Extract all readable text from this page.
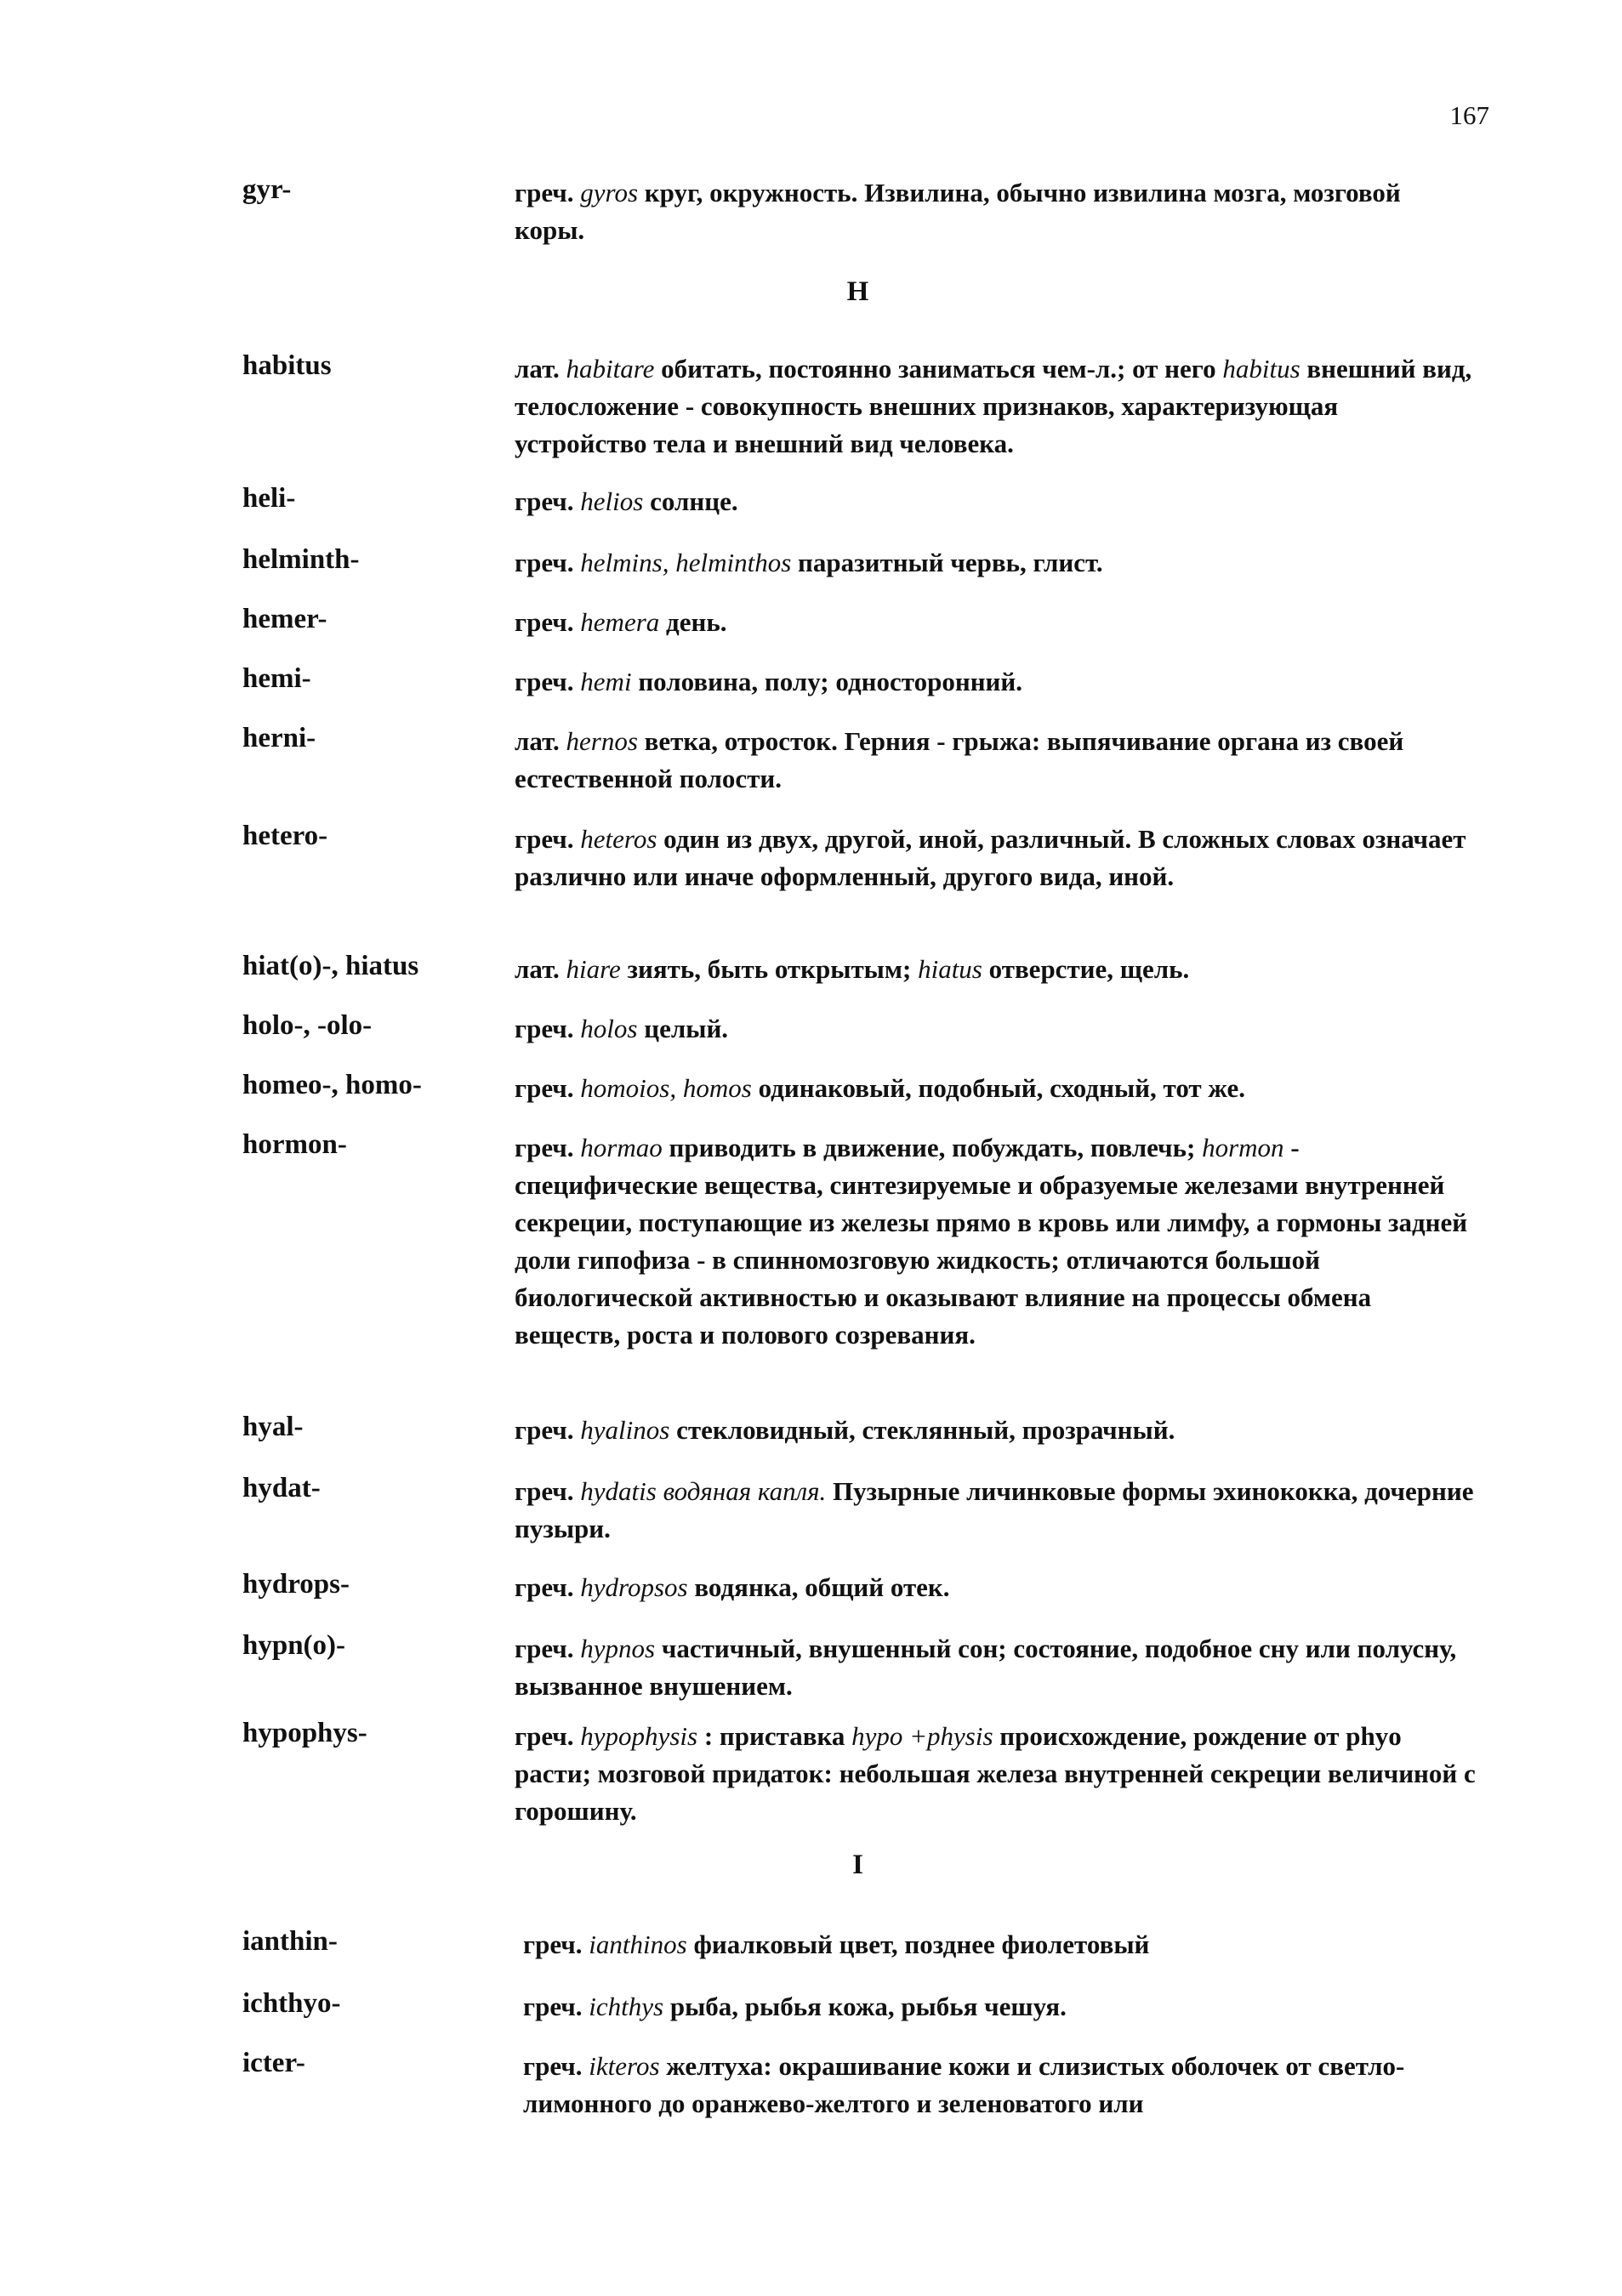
167
H
I
gyr-	греч. gyros круг, окружность. Извилина, обычно извилина мозга, мозговой коры.
habitus	лат. habitare обитать, постоянно заниматься чем-л.; от него habitus внешний вид, телосложение - совокупность внешних признаков, характеризующая устройство тела и внешний вид человека.
heli-	греч. helios солнце.
helminth-	греч. helmins, helminthos паразитный червь, глист.
hemer-	греч. hemera день.
hemi-	греч. hemi половина, полу; односторонний.
herni-	лат. hernos ветка, отросток. Герния - грыжа: выпячивание органа из своей естественной полости.
hetero-	греч. heteros один из двух, другой, иной, различный. В сложных словах означает различно или иначе оформленный, другого вида, иной.
hiat(o)-, hiatus	лат. hiare зиять, быть открытым; hiatus отверстие, щель.
holo-, -olo-	греч. holos целый.
homeo-, homo-	греч. homoios, homos одинаковый, подобный, сходный, тот же.
hormon-	греч. hormao приводить в движение, побуждать, повлечь; hormоп - специфические вещества, синтезируемые и образуемые железами внутренней секреции, поступающие из железы прямо в кровь или лимфу, а гормоны задней доли гипофиза - в спинномозговую жидкость; отличаются большой биологической активностью и оказывают влияние на процессы обмена веществ, роста и полового созревания.
hyal-	греч. hyalinos стекловидный, стеклянный, прозрачный.
hydat-	греч. hydatis водяная капля. Пузырные личинковые формы эхинококка, дочерние пузыри.
hydrops-	греч. hydropsos водянка, общий отек.
hypn(o)-	греч. hypnos частичный, внушенный сон; состояние, подобное сну или полусну, вызванное внушением.
hypophys-	греч. hypophysis : приставка hypo +physis происхождение, рождение от phyo расти; мозговой придаток: небольшая железа внутренней секреции величиной с горошину.
ianthin-	греч. ianthinos фиалковый цвет, позднее фиолетовый
ichthyo-	греч. ichthys рыба, рыбья кожа, рыбья чешуя.
icter-	греч. ikteros желтуха: окрашивание кожи и слизистых оболочек от светло-лимонного до оранжево-желтого и зеленоватого или
